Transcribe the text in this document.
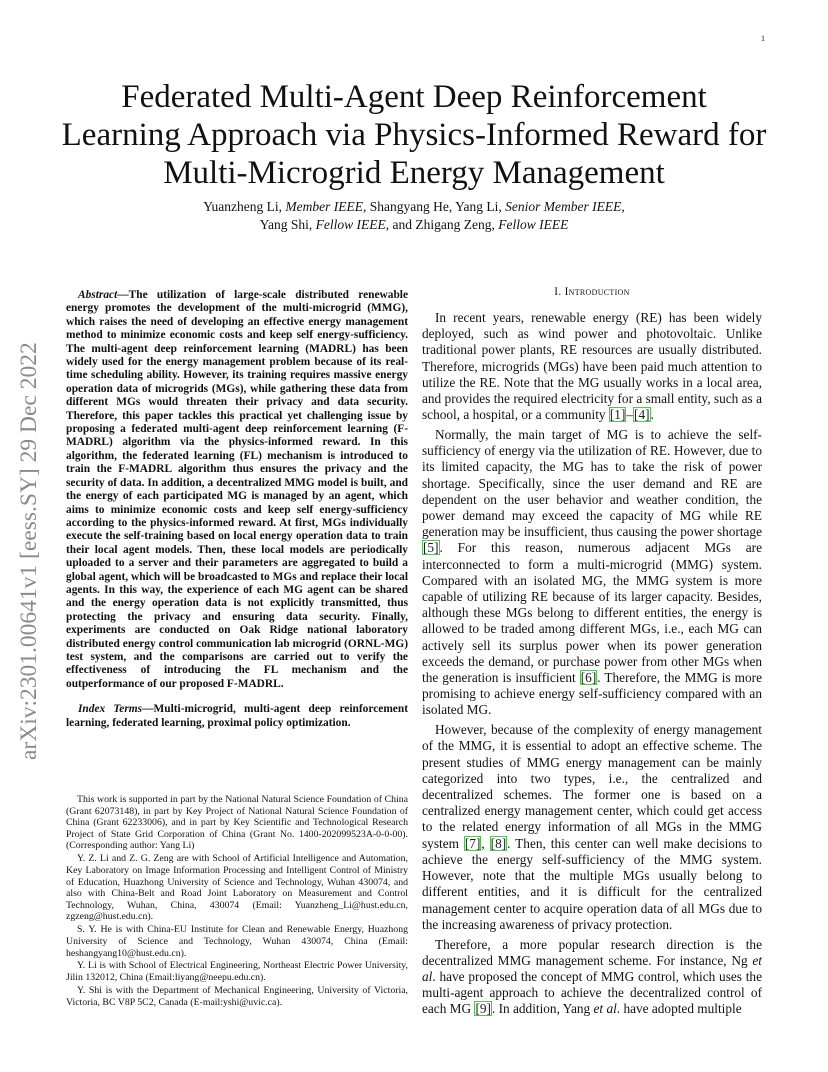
1
arXiv:2301.00641v1 [eess.SY] 29 Dec 2022
Federated Multi-Agent Deep Reinforcement Learning Approach via Physics-Informed Reward for Multi-Microgrid Energy Management
Yuanzheng Li, Member IEEE, Shangyang He, Yang Li, Senior Member IEEE,
Yang Shi, Fellow IEEE, and Zhigang Zeng, Fellow IEEE

Abstract—The utilization of large-scale distributed renewable energy promotes the development of the multi-microgrid (MMG), which raises the need of developing an effective energy management method to minimize economic costs and keep self energy-sufficiency. The multi-agent deep reinforcement learning (MADRL) has been widely used for the energy management problem because of its real-time scheduling ability. However, its training requires massive energy operation data of microgrids (MGs), while gathering these data from different MGs would threaten their privacy and data security. Therefore, this paper tackles this practical yet challenging issue by proposing a federated multi-agent deep reinforcement learning (F-MADRL) algorithm via the physics-informed reward. In this algorithm, the federated learning (FL) mechanism is introduced to train the F-MADRL algorithm thus ensures the privacy and the security of data. In addition, a decentralized MMG model is built, and the energy of each participated MG is managed by an agent, which aims to minimize economic costs and keep self energy-sufficiency according to the physics-informed reward. At first, MGs individually execute the self-training based on local energy operation data to train their local agent models. Then, these local models are periodically uploaded to a server and their parameters are aggregated to build a global agent, which will be broadcasted to MGs and replace their local agents. In this way, the experience of each MG agent can be shared and the energy operation data is not explicitly transmitted, thus protecting the privacy and ensuring data security. Finally, experiments are conducted on Oak Ridge national laboratory distributed energy control communication lab microgrid (ORNL-MG) test system, and the comparisons are carried out to verify the effectiveness of introducing the FL mechanism and the outperformance of our proposed F-MADRL.

Index Terms—Multi-microgrid, multi-agent deep reinforcement learning, federated learning, proximal policy optimization.

This work is supported in part by the National Natural Science Foundation of China (Grant 62073148), in part by Key Project of National Natural Science Foundation of China (Grant 62233006), and in part by Key Scientific and Technological Research Project of State Grid Corporation of China (Grant No. 1400-202099523A-0-0-00). (Corresponding author: Yang Li)

Y. Z. Li and Z. G. Zeng are with School of Artificial Intelligence and Automation, Key Laboratory on Image Information Processing and Intelligent Control of Ministry of Education, Huazhong University of Science and Technology, Wuhan 430074, and also with China-Belt and Road Joint Laboratory on Measurement and Control Technology, Wuhan, China, 430074 (Email: Yuanzheng_Li@hust.edu.cn, zgzeng@hust.edu.cn).

S. Y. He is with China-EU Institute for Clean and Renewable Energy, Huazhong University of Science and Technology, Wuhan 430074, China (Email: heshangyang10@hust.edu.cn).

Y. Li is with School of Electrical Engineering, Northeast Electric Power University, Jilin 132012, China (Email:liyang@neepu.edu.cn).

Y. Shi is with the Department of Mechanical Engineering, University of Victoria, Victoria, BC V8P 5C2, Canada (E-mail:yshi@uvic.ca).

I. Introduction

In recent years, renewable energy (RE) has been widely deployed, such as wind power and photovoltaic. Unlike traditional power plants, RE resources are usually distributed. Therefore, microgrids (MGs) have been paid much attention to utilize the RE. Note that the MG usually works in a local area, and provides the required electricity for a small entity, such as a school, a hospital, or a community [1]–[4].

Normally, the main target of MG is to achieve the self-sufficiency of energy via the utilization of RE. However, due to its limited capacity, the MG has to take the risk of power shortage. Specifically, since the user demand and RE are dependent on the user behavior and weather condition, the power demand may exceed the capacity of MG while RE generation may be insufficient, thus causing the power shortage [5]. For this reason, numerous adjacent MGs are interconnected to form a multi-microgrid (MMG) system. Compared with an isolated MG, the MMG system is more capable of utilizing RE because of its larger capacity. Besides, although these MGs belong to different entities, the energy is allowed to be traded among different MGs, i.e., each MG can actively sell its surplus power when its power generation exceeds the demand, or purchase power from other MGs when the generation is insufficient [6]. Therefore, the MMG is more promising to achieve energy self-sufficiency compared with an isolated MG.

However, because of the complexity of energy management of the MMG, it is essential to adopt an effective scheme. The present studies of MMG energy management can be mainly categorized into two types, i.e., the centralized and decentralized schemes. The former one is based on a centralized energy management center, which could get access to the related energy information of all MGs in the MMG system [7], [8]. Then, this center can well make decisions to achieve the energy self-sufficiency of the MMG system. However, note that the multiple MGs usually belong to different entities, and it is difficult for the centralized management center to acquire operation data of all MGs due to the increasing awareness of privacy protection.

Therefore, a more popular research direction is the decentralized MMG management scheme. For instance, Ng et al. have proposed the concept of MMG control, which uses the multi-agent approach to achieve the decentralized control of each MG [9]. In addition, Yang et al. have adopted multiple
